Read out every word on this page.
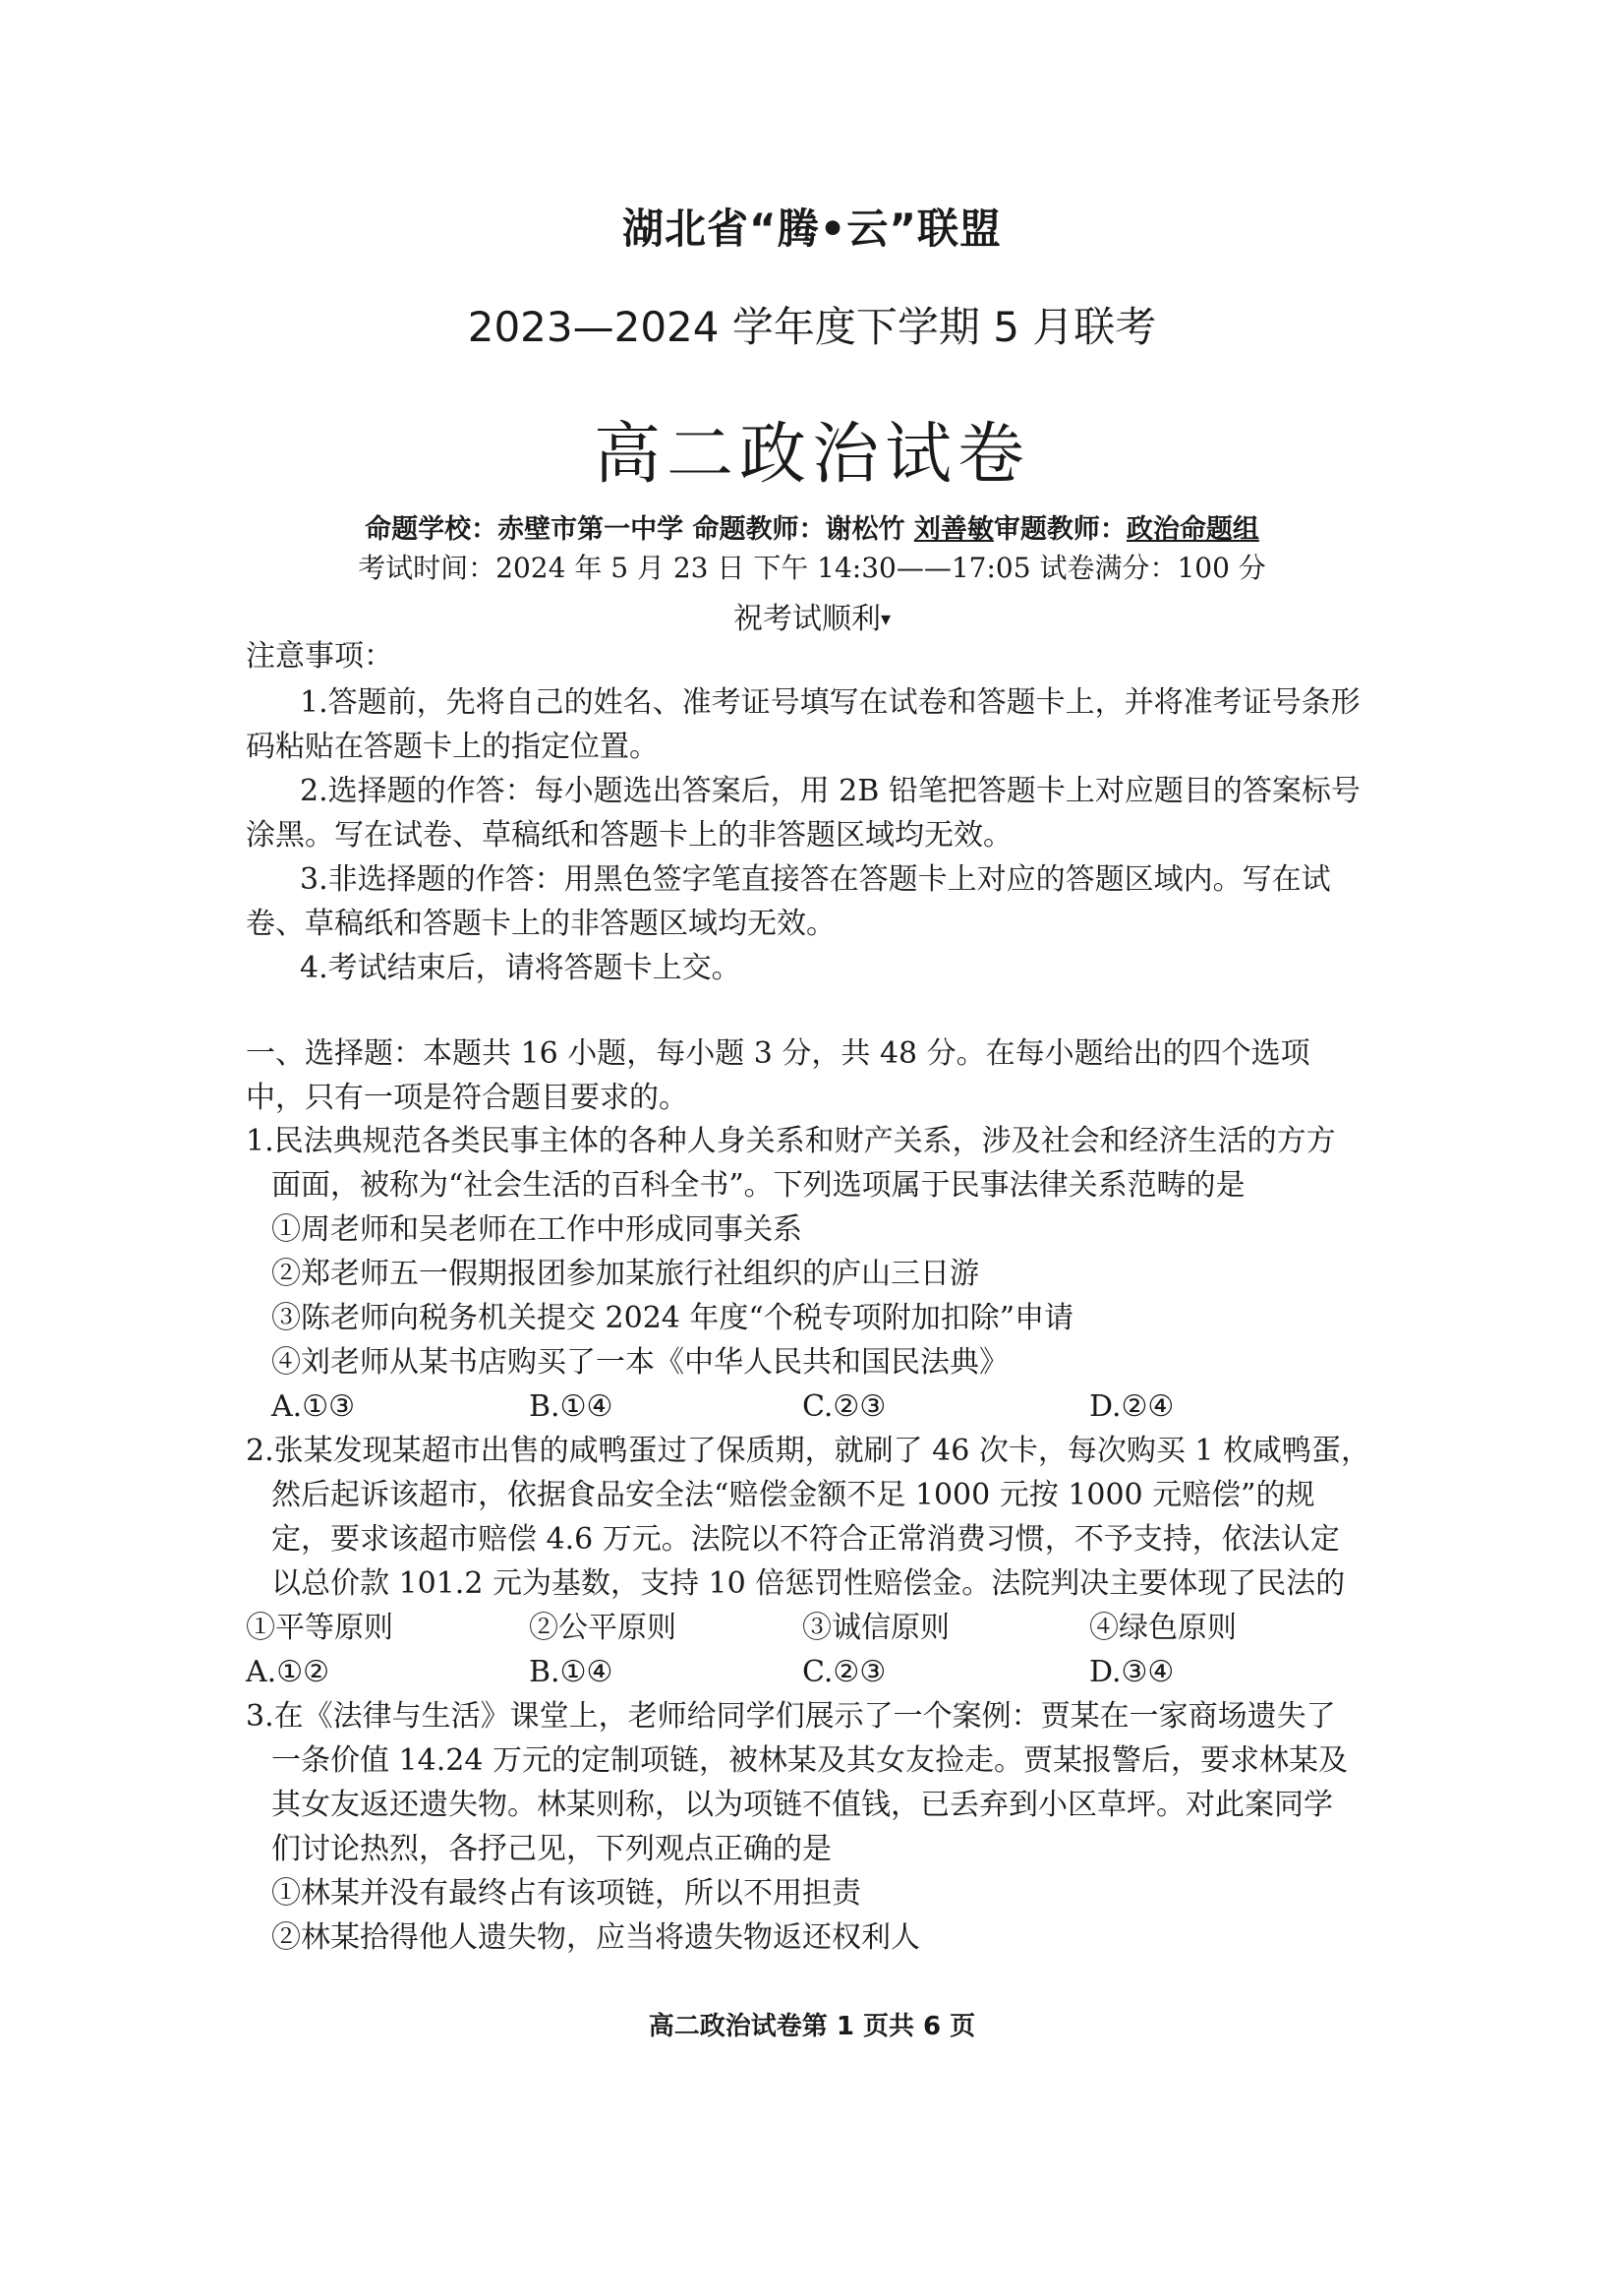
湖北省“腾•云”联盟
2023—2024 学年度下学期 5 月联考
高二政治试卷
命题学校：赤壁市第一中学 命题教师：谢松竹 刘善敏审题教师：政治命题组
考试时间：2024 年 5 月 23 日 下午 14:30——17:05 试卷满分：100 分
祝考试顺利▾
注意事项：
1.答题前，先将自己的姓名、准考证号填写在试卷和答题卡上，并将准考证号条形
码粘贴在答题卡上的指定位置。
2.选择题的作答：每小题选出答案后，用 2B 铅笔把答题卡上对应题目的答案标号
涂黑。写在试卷、草稿纸和答题卡上的非答题区域均无效。
3.非选择题的作答：用黑色签字笔直接答在答题卡上对应的答题区域内。写在试
卷、草稿纸和答题卡上的非答题区域均无效。
4.考试结束后，请将答题卡上交。
一、选择题：本题共 16 小题，每小题 3 分，共 48 分。在每小题给出的四个选项
中，只有一项是符合题目要求的。
1.民法典规范各类民事主体的各种人身关系和财产关系，涉及社会和经济生活的方方
面面，被称为“社会生活的百科全书”。下列选项属于民事法律关系范畴的是
①周老师和吴老师在工作中形成同事关系
②郑老师五一假期报团参加某旅行社组织的庐山三日游
③陈老师向税务机关提交 2024 年度“个税专项附加扣除”申请
④刘老师从某书店购买了一本《中华人民共和国民法典》
A.①③	B.①④	C.②③	D.②④
2.张某发现某超市出售的咸鸭蛋过了保质期，就刷了 46 次卡，每次购买 1 枚咸鸭蛋，
然后起诉该超市，依据食品安全法“赔偿金额不足 1000 元按 1000 元赔偿”的规
定，要求该超市赔偿 4.6 万元。法院以不符合正常消费习惯，不予支持，依法认定
以总价款 101.2 元为基数，支持 10 倍惩罚性赔偿金。法院判决主要体现了民法的
①平等原则	②公平原则	③诚信原则	④绿色原则
A.①②	B.①④	C.②③	D.③④
3.在《法律与生活》课堂上，老师给同学们展示了一个案例：贾某在一家商场遗失了
一条价值 14.24 万元的定制项链，被林某及其女友捡走。贾某报警后，要求林某及
其女友返还遗失物。林某则称，以为项链不值钱，已丢弃到小区草坪。对此案同学
们讨论热烈，各抒己见，下列观点正确的是
①林某并没有最终占有该项链，所以不用担责
②林某拾得他人遗失物，应当将遗失物返还权利人
高二政治试卷第 1 页共 6 页
